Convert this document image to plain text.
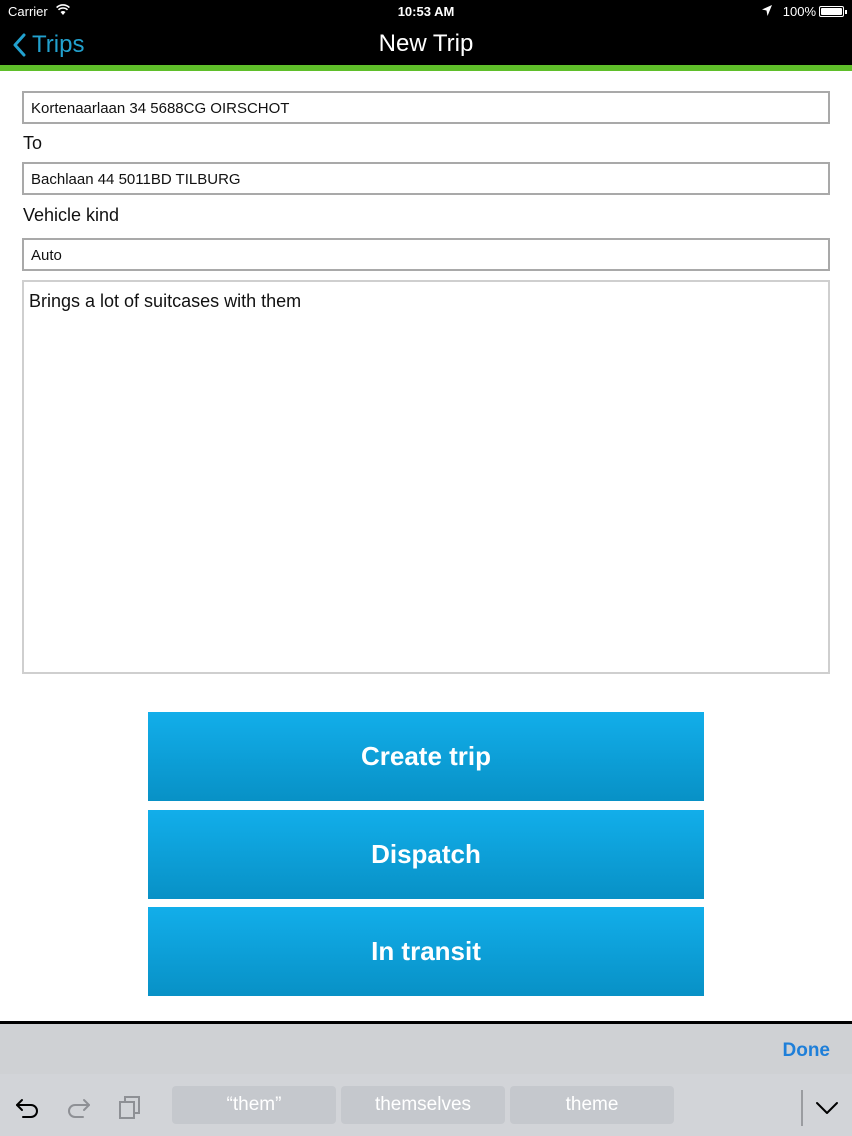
Carrier	10:53 AM	100%
Trips	New Trip
Kortenaarlaan 34 5688CG OIRSCHOT
To
Bachlaan 44 5011BD TILBURG
Vehicle kind
Auto
Brings a lot of suitcases with them
Create trip
Dispatch
In transit
Done
“them”	themselves	theme
